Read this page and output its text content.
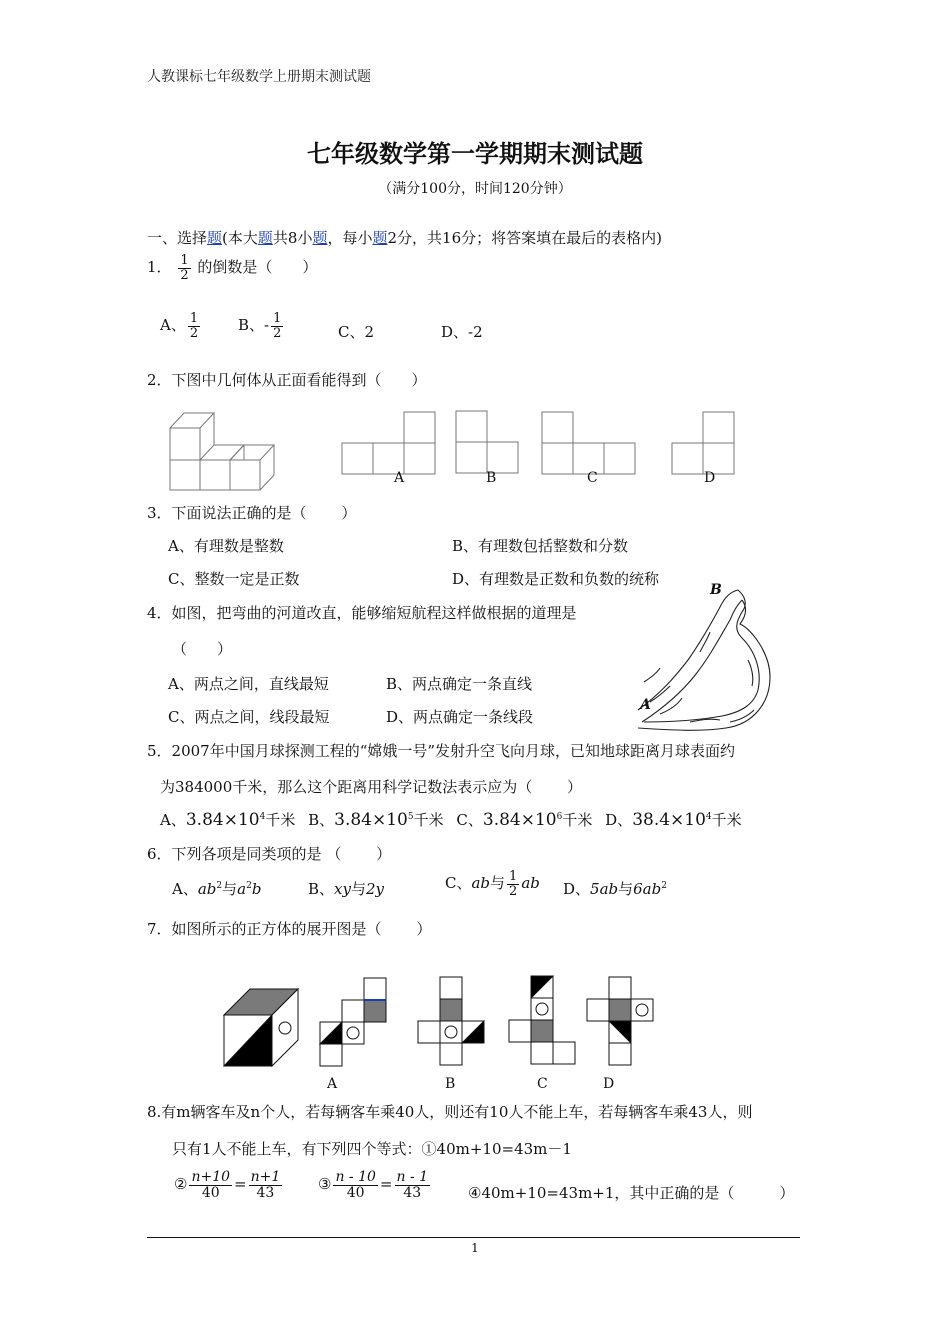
人教课标七年级数学上册期末测试题
七年级数学第一学期期末测试题
（满分100分，时间120分钟）
一、选择题(本大题共8小题，每小题2分，共16分；将答案填在最后的表格内)
1． $\frac{1}{2}$ 的倒数是（　　）
A、 $\frac{1}{2}$	B、- $\frac{1}{2}$	C、2	D、-2
2．下图中几何体从正面看能得到（　　）
A	B	C	D
3．下面说法正确的是（　　 ）
A、有理数是整数	B、有理数包括整数和分数
C、整数一定是正数	D、有理数是正数和负数的统称
4．如图，把弯曲的河道改直，能够缩短航程这样做根据的道理是
（　　）
A、两点之间，直线最短	B、两点确定一条直线
C、两点之间，线段最短	D、两点确定一条线段
B
A
5．2007年中国月球探测工程的“嫦娥一号”发射升空飞向月球，已知地球距离月球表面约
为384000千米，那么这个距离用科学记数法表示应为（　　 ）
A、$3.84\times 10^4$千米 B、$3.84\times 10^5$千米 C、$3.84\times 10^6$千米 D、$38.4\times 10^4$千米
6．下列各项是同类项的是 （　　 ）
A、$ab^2$与$a^2b$	B、xy与2y	C、ab与 $\frac{1}{2}$ ab D、5ab与$6ab^2$
7．如图所示的正方体的展开图是（　　 ）
A	B	C	D
8.有m辆客车及n个人，若每辆客车乘40人，则还有10人不能上车，若每辆客车乘43人，则
只有1人不能上车，有下列四个等式：①40m+10=43m－1
② $\frac{n+10}{40} = \frac{n+1}{43}$ ③ $\frac{n - 10}{40} = \frac{n - 1}{43}$	④40m+10=43m+1，其中正确的是（　　　）
1
